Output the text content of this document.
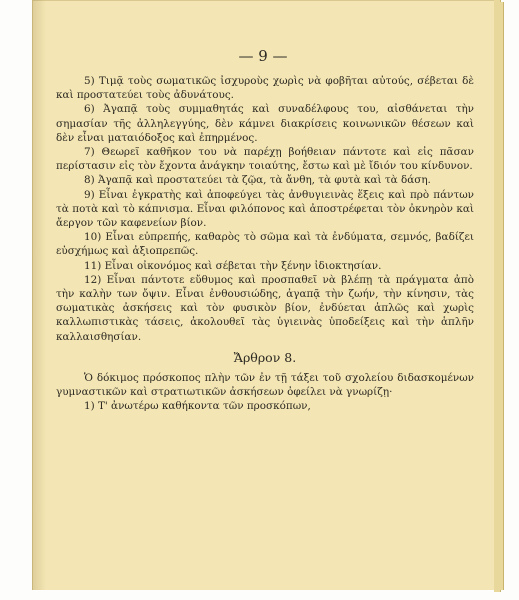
— 9 —

5) Τιμᾷ τοὺς σωματικῶς ἰσχυροὺς χωρὶς νὰ φοβῆται αὐτούς, σέβεται δὲ καὶ προστατεύει τοὺς ἀδυνάτους.

6) Ἀγαπᾷ τοὺς συμμαθητάς καὶ συναδέλφους του, αἰσθάνεται τὴν σημασίαν τῆς ἀλληλεγγύης, δὲν κάμνει διακρίσεις κοινωνικῶν θέσεων καὶ δὲν εἶναι ματαιόδοξος καὶ ἐπηρμένος.

7) Θεωρεῖ καθῆκον του νὰ παρέχῃ βοήθειαν πάντοτε καὶ εἰς πᾶσαν περίστασιν εἰς τὸν ἔχοντα ἀνάγκην τοιαύτης, ἔστω καὶ μὲ ἴδιόν του κίνδυνον.

8) Ἀγαπᾷ καὶ προστατεύει τὰ ζῷα, τὰ ἄνθη, τὰ φυτὰ καὶ τὰ δάση.

9) Εἶναι ἐγκρατὴς καὶ ἀποφεύγει τὰς ἀνθυγιεινὰς ἕξεις καὶ πρὸ πάντων τὰ ποτὰ καὶ τὸ κάπνισμα. Εἶναι φιλόπονος καὶ ἀποστρέφεται τὸν ὀκνηρὸν καὶ ἄεργον τῶν καφενείων βίον.

10) Εἶναι εὐπρεπής, καθαρὸς τὸ σῶμα καὶ τὰ ἐνδύματα, σεμνός, βαδίζει εὐσχήμως καὶ ἀξιοπρεπῶς.

11) Εἶναι οἰκονόμος καὶ σέβεται τὴν ξένην ἰδιοκτησίαν.

12) Εἶναι πάντοτε εὔθυμος καὶ προσπαθεῖ νὰ βλέπῃ τὰ πράγματα ἀπὸ τὴν καλὴν των ὄψιν. Εἶναι ἐνθουσιώδης, ἀγαπᾷ τὴν ζωήν, τὴν κίνησιν, τὰς σωματικὰς ἀσκήσεις καὶ τὸν φυσικὸν βίον, ἐνδύεται ἁπλῶς καὶ χωρὶς καλλωπιστικὰς τάσεις, ἀκολουθεῖ τὰς ὑγιεινὰς ὑποδείξεις καὶ τὴν ἁπλῆν καλλαισθησίαν.

Ἄρθρον 8.

Ὁ δόκιμος πρόσκοπος πλὴν τῶν ἐν τῇ τάξει τοῦ σχολείου διδασκομένων γυμναστικῶν καὶ στρατιωτικῶν ἀσκήσεων ὀφείλει νὰ γνωρίζῃ·

1) Τ' ἀνωτέρω καθήκοντα τῶν προσκόπων,
